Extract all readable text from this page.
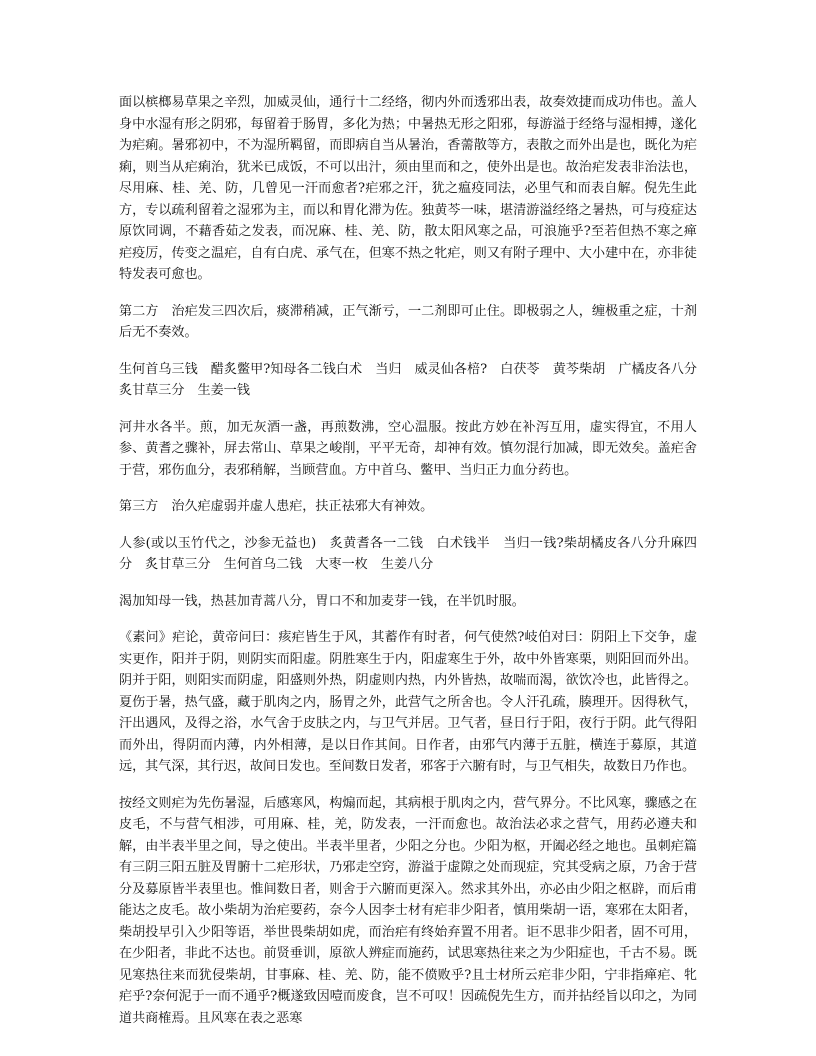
面以槟榔易草果之辛烈，加威灵仙，通行十二经络，彻内外而透邪出表，故奏效捷而成功伟也。盖人身中水湿有形之阴邪，每留着于肠胃，多化为热；中暑热无形之阳邪，每游溢于经络与湿相搏，遂化为疟痢。暑邪初中，不为湿所羁留，而即病自当从暑治，香薷散等方，表散之而外出是也，既化为疟痢，则当从疟痢治，犹米已成饭，不可以出汁，须由里而和之，使外出是也。故治疟发表非治法也，尽用麻、桂、羌、防，几曾见一汗而愈者?疟邪之汗，犹之瘟疫同法，必里气和而表自解。倪先生此方，专以疏利留着之湿邪为主，而以和胃化滞为佐。独黄芩一味，堪清游溢经络之暑热，可与疫症达原饮同调，不藉香茹之发表，而况麻、桂、羌、防，散太阳风寒之品，可浪施乎?至若但热不寒之瘅疟疫厉，传变之温疟，自有白虎、承气在，但寒不热之牝疟，则又有附子理中、大小建中在，亦非徒特发表可愈也。

第二方　治疟发三四次后，痰滞稍减，正气渐亏，一二剂即可止住。即极弱之人，缠极重之症，十剂后无不奏效。

生何首乌三钱　醋炙鳖甲?知母各二钱白术　当归　威灵仙各棓?　白茯苓　黄芩柴胡　广橘皮各八分　炙甘草三分　生姜一钱

河井水各半。煎，加无灰酒一盏，再煎数沸，空心温服。按此方妙在补泻互用，虚实得宜，不用人参、黄耆之骤补，屏去常山、草果之峻削，平平无奇，却神有效。慎勿混行加减，即无效矣。盖疟舍于营，邪伤血分，表邪稍解，当顾营血。方中首乌、鳖甲、当归正力血分药也。

第三方　治久疟虚弱并虚人患疟，扶正祛邪大有神效。

人参(或以玉竹代之，沙参无益也)　炙黄耆各一二钱　白术钱半　当归一钱?柴胡橘皮各八分升麻四分　炙甘草三分　生何首乌二钱　大枣一枚　生姜八分

渴加知母一钱，热甚加青蒿八分，胃口不和加麦芽一钱，在半饥时服。

《素问》疟论，黄帝问曰：痎疟皆生于风，其蓄作有时者，何气使然?岐伯对曰：阴阳上下交争，虚实更作，阳并于阴，则阴实而阳虚。阴胜寒生于内，阳虚寒生于外，故中外皆寒栗，则阳回而外出。阴并于阳，则阳实而阴虚，阳盛则外热，阴虚则内热，内外皆热，故喘而渴，欲饮冷也，此皆得之。夏伤于暑，热气盛，藏于肌肉之内，肠胃之外，此营气之所舍也。令人汗孔疏，腠理开。因得秋气，汗出遇风，及得之浴，水气舍于皮肤之内，与卫气并居。卫气者，昼日行于阳，夜行于阴。此气得阳而外出，得阴而内薄，内外相薄，是以日作其间。日作者，由邪气内薄于五脏，横连于募原，其道远，其气深，其行迟，故间日发也。至间数日发者，邪客于六腑有时，与卫气相失，故数日乃作也。

按经文则疟为先伤暑湿，后感寒风，构煽而起，其病根于肌肉之内，营气界分。不比风寒，骤感之在皮毛，不与营气相涉，可用麻、桂，羌，防发表，一汗而愈也。故治法必求之营气，用药必遵夫和解，由半表半里之间，导之使出。半表半里者，少阳之分也。少阳为枢，开阖必经之地也。虽刺疟篇有三阴三阳五脏及胃腑十二疟形状，乃邪走空窍，游溢于虚隙之处而现症，究其受病之原，乃舍于营分及募原皆半表里也。惟间数日者，则舍于六腑而更深入。然求其外出，亦必由少阳之枢辟，而后甫能达之皮毛。故小柴胡为治疟要药，奈今人因李士材有疟非少阳者，慎用柴胡一语，寒邪在太阳者，柴胡投早引入少阳等语，举世畏柴胡如虎，而治疟有终始弃置不用者。讵不思非少阳者，固不可用，在少阳者，非此不达也。前贤垂训，原欲人辨症而施药，试思寒热往来之为少阳症也，千古不易。既见寒热往来而犹侵柴胡，甘事麻、桂、羌、防，能不偾败乎?且士材所云疟非少阳，宁非指瘅疟、牝疟乎?奈何泥于一而不通乎?概遂致因噎而废食，岂不可叹！因疏倪先生方，而并拈经旨以印之，为同道共商榷焉。且风寒在表之恶寒
